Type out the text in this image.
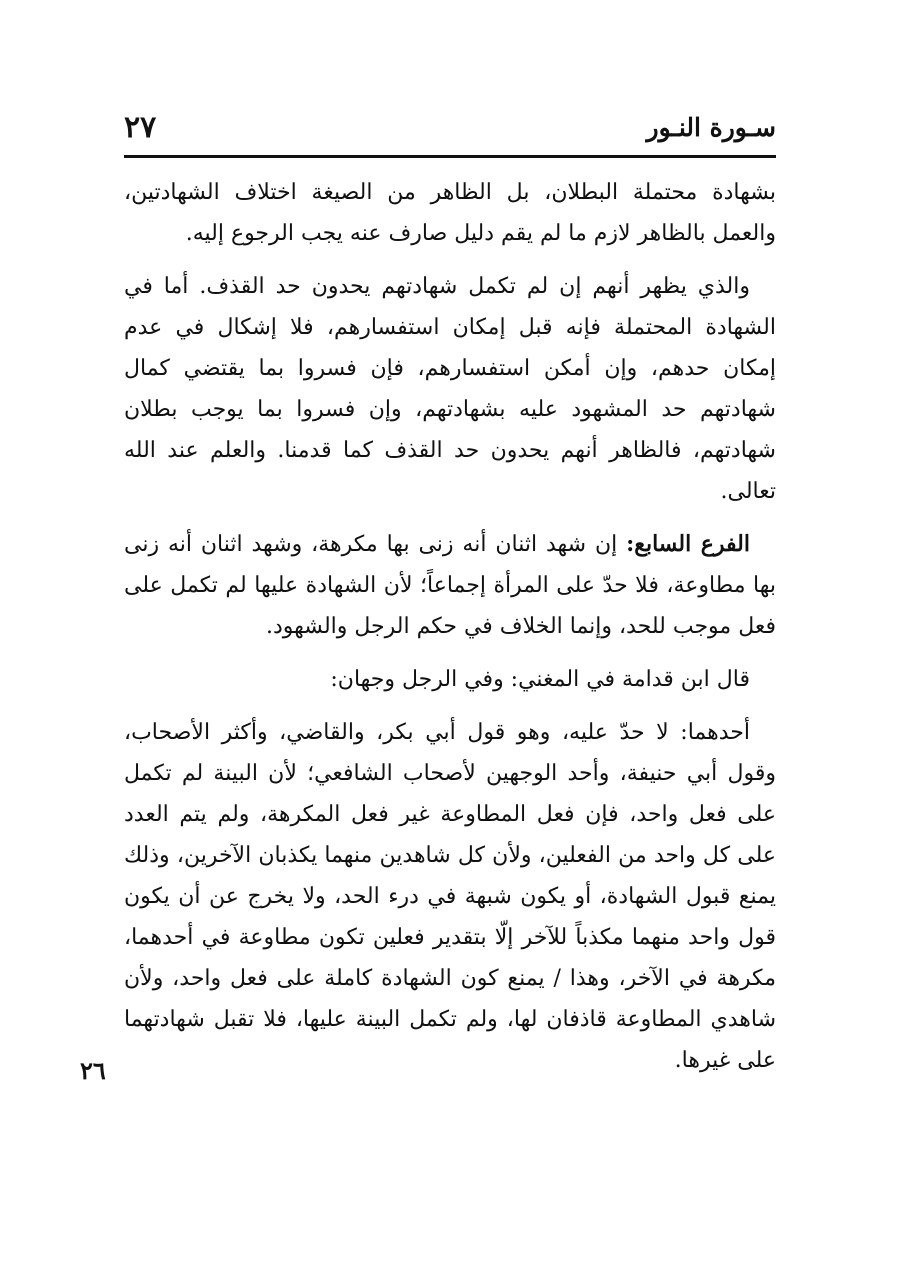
٢٧	سـورة النـور

بشهادة محتملة البطلان، بل الظاهر من الصيغة اختلاف الشهادتين، والعمل بالظاهر لازم ما لم يقم دليل صارف عنه يجب الرجوع إليه.

والذي يظهر أنهم إن لم تكمل شهادتهم يحدون حد القذف. أما في الشهادة المحتملة فإنه قبل إمكان استفسارهم، فلا إشكال في عدم إمكان حدهم، وإن أمكن استفسارهم، فإن فسروا بما يقتضي كمال شهادتهم حد المشهود عليه بشهادتهم، وإن فسروا بما يوجب بطلان شهادتهم، فالظاهر أنهم يحدون حد القذف كما قدمنا. والعلم عند الله تعالى.

الفرع السابع: إن شهد اثنان أنه زنى بها مكرهة، وشهد اثنان أنه زنى بها مطاوعة، فلا حدّ على المرأة إجماعاً؛ لأن الشهادة عليها لم تكمل على فعل موجب للحد، وإنما الخلاف في حكم الرجل والشهود.

قال ابن قدامة في المغني: وفي الرجل وجهان:

أحدهما: لا حدّ عليه، وهو قول أبي بكر، والقاضي، وأكثر الأصحاب، وقول أبي حنيفة، وأحد الوجهين لأصحاب الشافعي؛ لأن البينة لم تكمل على فعل واحد، فإن فعل المطاوعة غير فعل المكرهة، ولم يتم العدد على كل واحد من الفعلين، ولأن كل شاهدين منهما يكذبان الآخرين، وذلك يمنع قبول الشهادة، أو يكون شبهة في درء الحد، ولا يخرج عن أن يكون قول واحد منهما مكذباً للآخر إلّا بتقدير فعلين تكون مطاوعة في أحدهما، مكرهة في الآخر، وهذا / يمنع كون الشهادة كاملة على فعل واحد، ولأن شاهدي المطاوعة قاذفان لها، ولم تكمل البينة عليها، فلا تقبل شهادتهما على غيرها.

٢٦
